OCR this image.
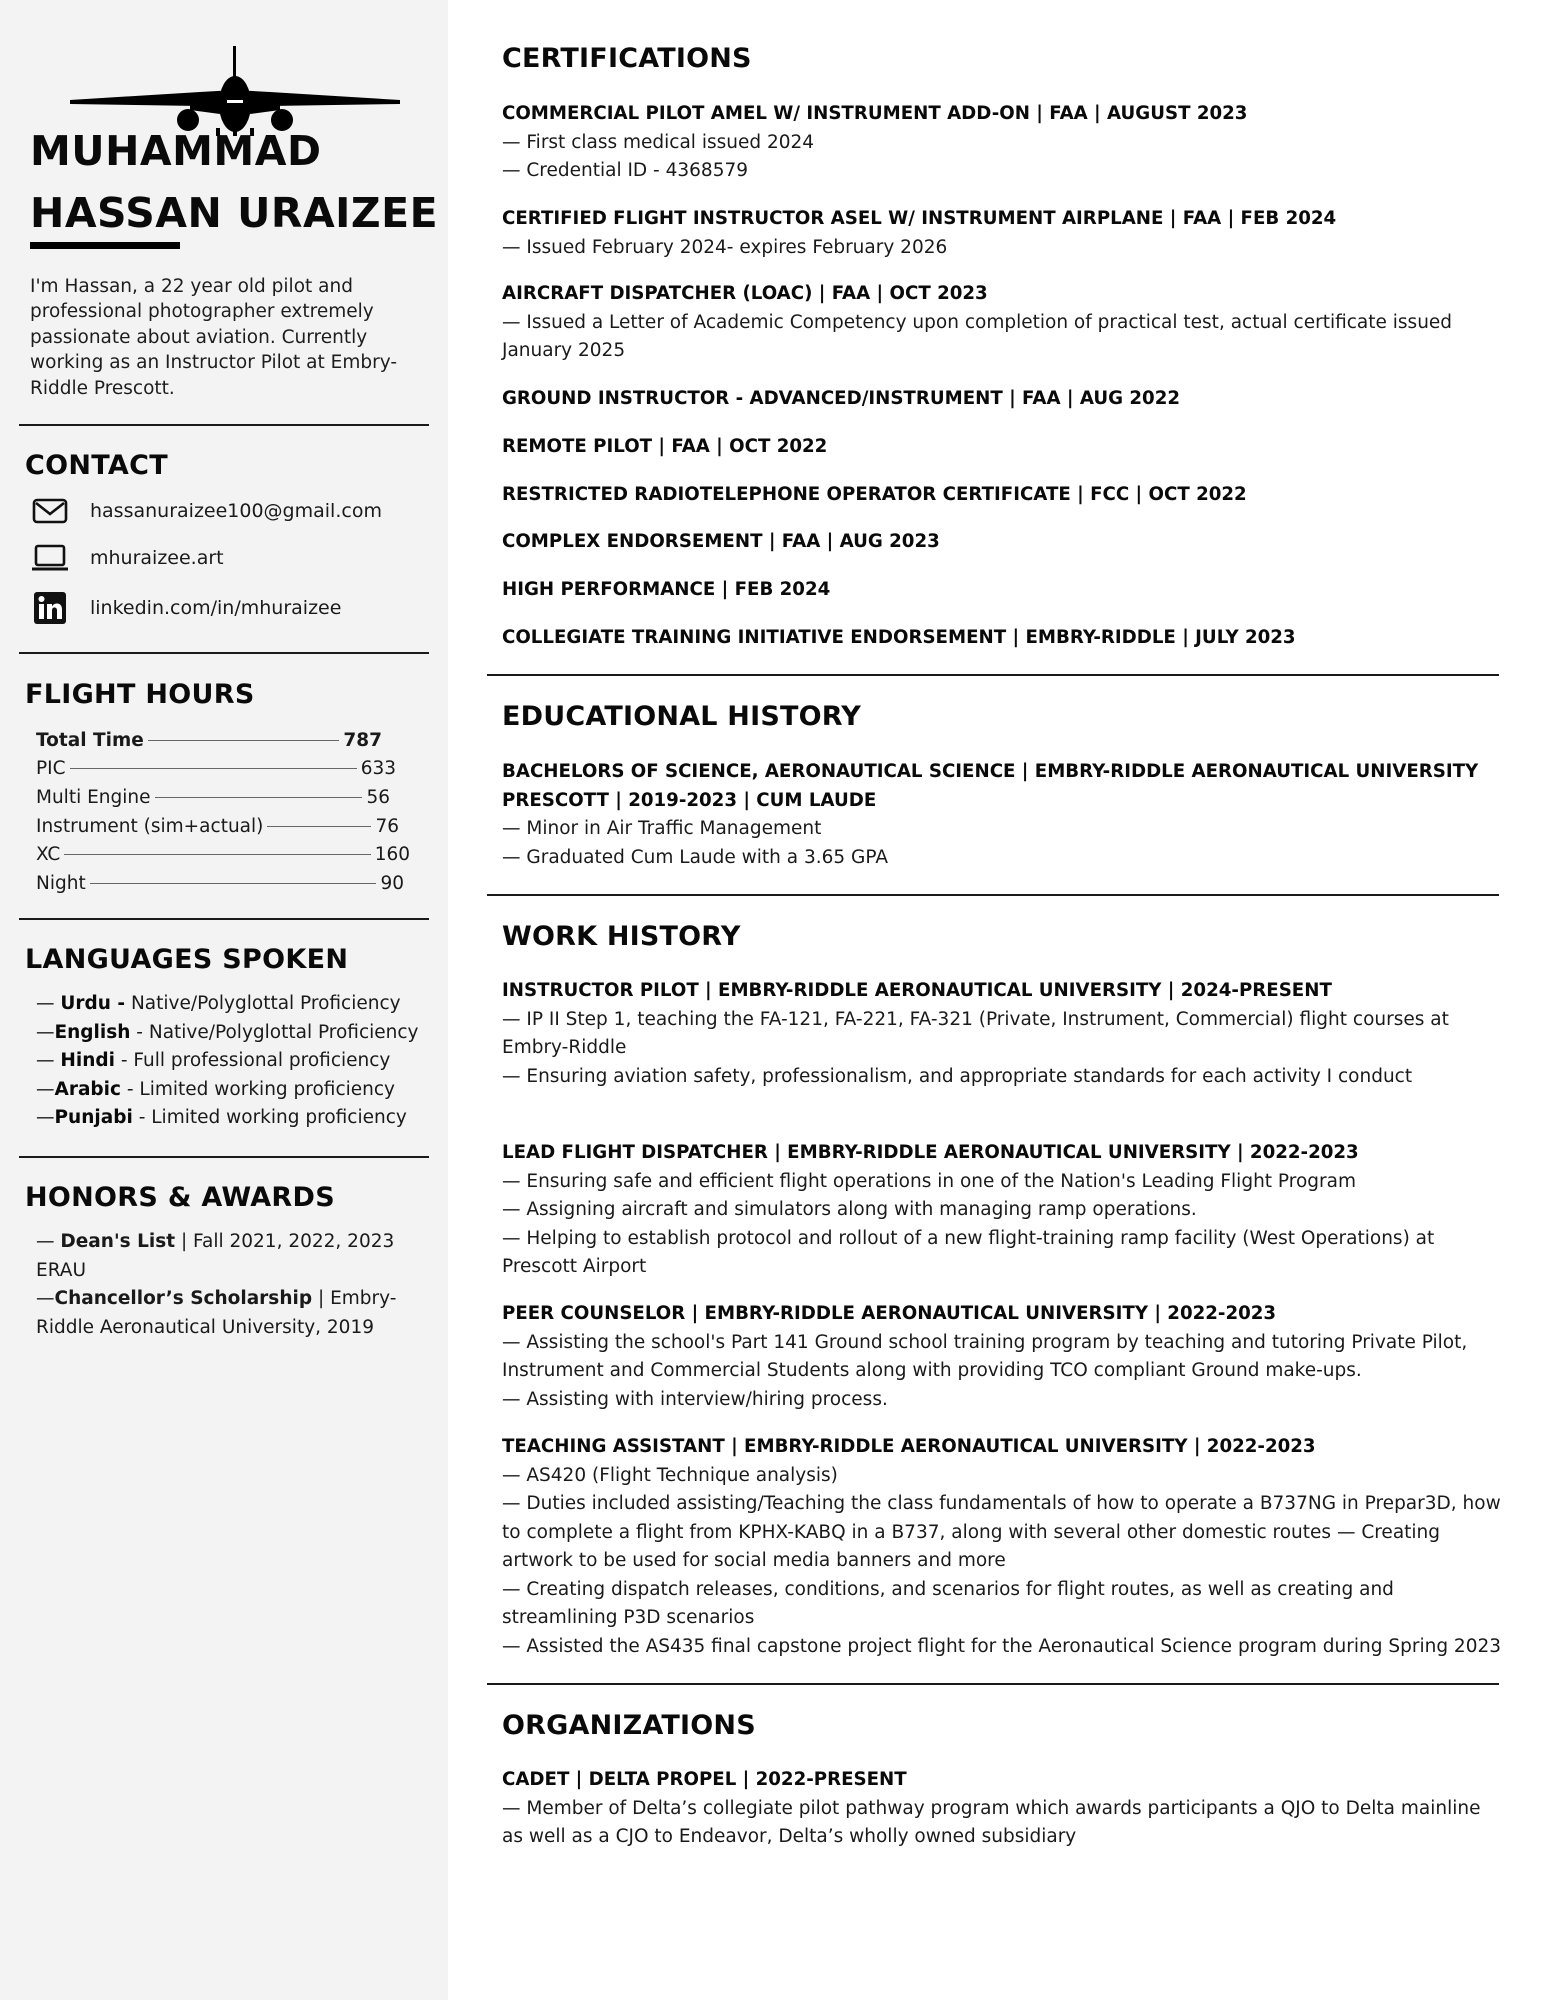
MUHAMMAD
HASSAN URAIZEE

I'm Hassan, a 22 year old pilot and professional photographer extremely passionate about aviation. Currently working as an Instructor Pilot at Embry-Riddle Prescott.

CONTACT
hassanuraizee100@gmail.com
mhuraizee.art
linkedin.com/in/mhuraizee
FLIGHT HOURS
Total Time	787
PIC	633
Multi Engine	56
Instrument (sim+actual)	76
XC	160
Night	90
LANGUAGES SPOKEN
— Urdu - Native/Polyglottal Proficiency
—English - Native/Polyglottal Proficiency
— Hindi - Full professional proficiency
—Arabic - Limited working proficiency
—Punjabi - Limited working proficiency
HONORS & AWARDS
— Dean's List | Fall 2021, 2022, 2023 ERAU
—Chancellor’s Scholarship | Embry-Riddle Aeronautical University, 2019
CERTIFICATIONS

COMMERCIAL PILOT AMEL W/ INSTRUMENT ADD-ON | FAA | AUGUST 2023

— First class medical issued 2024

— Credential ID - 4368579

CERTIFIED FLIGHT INSTRUCTOR ASEL W/ INSTRUMENT AIRPLANE | FAA | FEB 2024

— Issued February 2024- expires February 2026

AIRCRAFT DISPATCHER (LOAC) | FAA | OCT 2023

— Issued a Letter of Academic Competency upon completion of practical test, actual certificate issued January 2025

GROUND INSTRUCTOR - ADVANCED/INSTRUMENT | FAA | AUG 2022

REMOTE PILOT | FAA | OCT 2022

RESTRICTED RADIOTELEPHONE OPERATOR CERTIFICATE | FCC | OCT 2022

COMPLEX ENDORSEMENT | FAA | AUG 2023

HIGH PERFORMANCE | FEB 2024

COLLEGIATE TRAINING INITIATIVE ENDORSEMENT | EMBRY-RIDDLE | JULY 2023

EDUCATIONAL HISTORY

BACHELORS OF SCIENCE, AERONAUTICAL SCIENCE | EMBRY-RIDDLE AERONAUTICAL UNIVERSITY PRESCOTT | 2019-2023 | CUM LAUDE

— Minor in Air Traffic Management

— Graduated Cum Laude with a 3.65 GPA

WORK HISTORY

INSTRUCTOR PILOT | EMBRY-RIDDLE AERONAUTICAL UNIVERSITY | 2024-PRESENT

— IP II Step 1, teaching the FA-121, FA-221, FA-321 (Private, Instrument, Commercial) flight courses at Embry-Riddle

— Ensuring aviation safety, professionalism, and appropriate standards for each activity I conduct

LEAD FLIGHT DISPATCHER | EMBRY-RIDDLE AERONAUTICAL UNIVERSITY | 2022-2023

— Ensuring safe and efficient flight operations in one of the Nation's Leading Flight Program

— Assigning aircraft and simulators along with managing ramp operations.

— Helping to establish protocol and rollout of a new flight-training ramp facility (West Operations) at Prescott Airport

PEER COUNSELOR | EMBRY-RIDDLE AERONAUTICAL UNIVERSITY | 2022-2023

— Assisting the school's Part 141 Ground school training program by teaching and tutoring Private Pilot, Instrument and Commercial Students along with providing TCO compliant Ground make-ups.

— Assisting with interview/hiring process.

TEACHING ASSISTANT | EMBRY-RIDDLE AERONAUTICAL UNIVERSITY | 2022-2023

— AS420 (Flight Technique analysis)

— Duties included assisting/Teaching the class fundamentals of how to operate a B737NG in Prepar3D, how to complete a flight from KPHX-KABQ in a B737, along with several other domestic routes — Creating artwork to be used for social media banners and more

— Creating dispatch releases, conditions, and scenarios for flight routes, as well as creating and streamlining P3D scenarios

— Assisted the AS435 final capstone project flight for the Aeronautical Science program during Spring 2023

ORGANIZATIONS

CADET | DELTA PROPEL | 2022-PRESENT

— Member of Delta’s collegiate pilot pathway program which awards participants a QJO to Delta mainline as well as a CJO to Endeavor, Delta’s wholly owned subsidiary
